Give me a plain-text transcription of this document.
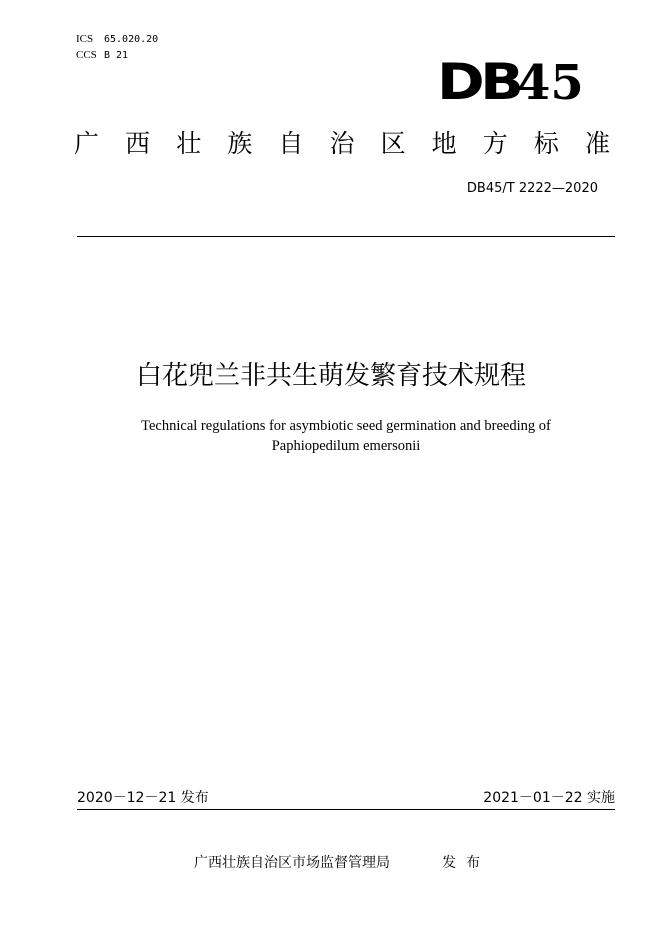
ICS 65.020.20
CCS B 21	DB
45
广 西 壮 族 自 治 区 地 方 标 准
DB45/T 2222—2020
白花兜兰非共生萌发繁育技术规程
Technical regulations for asymbiotic seed germination and breeding of
Paphiopedilum emersonii
2020－12－21 发布	2021－01－22 实施
广西壮族自治区市场监督管理局	发布
